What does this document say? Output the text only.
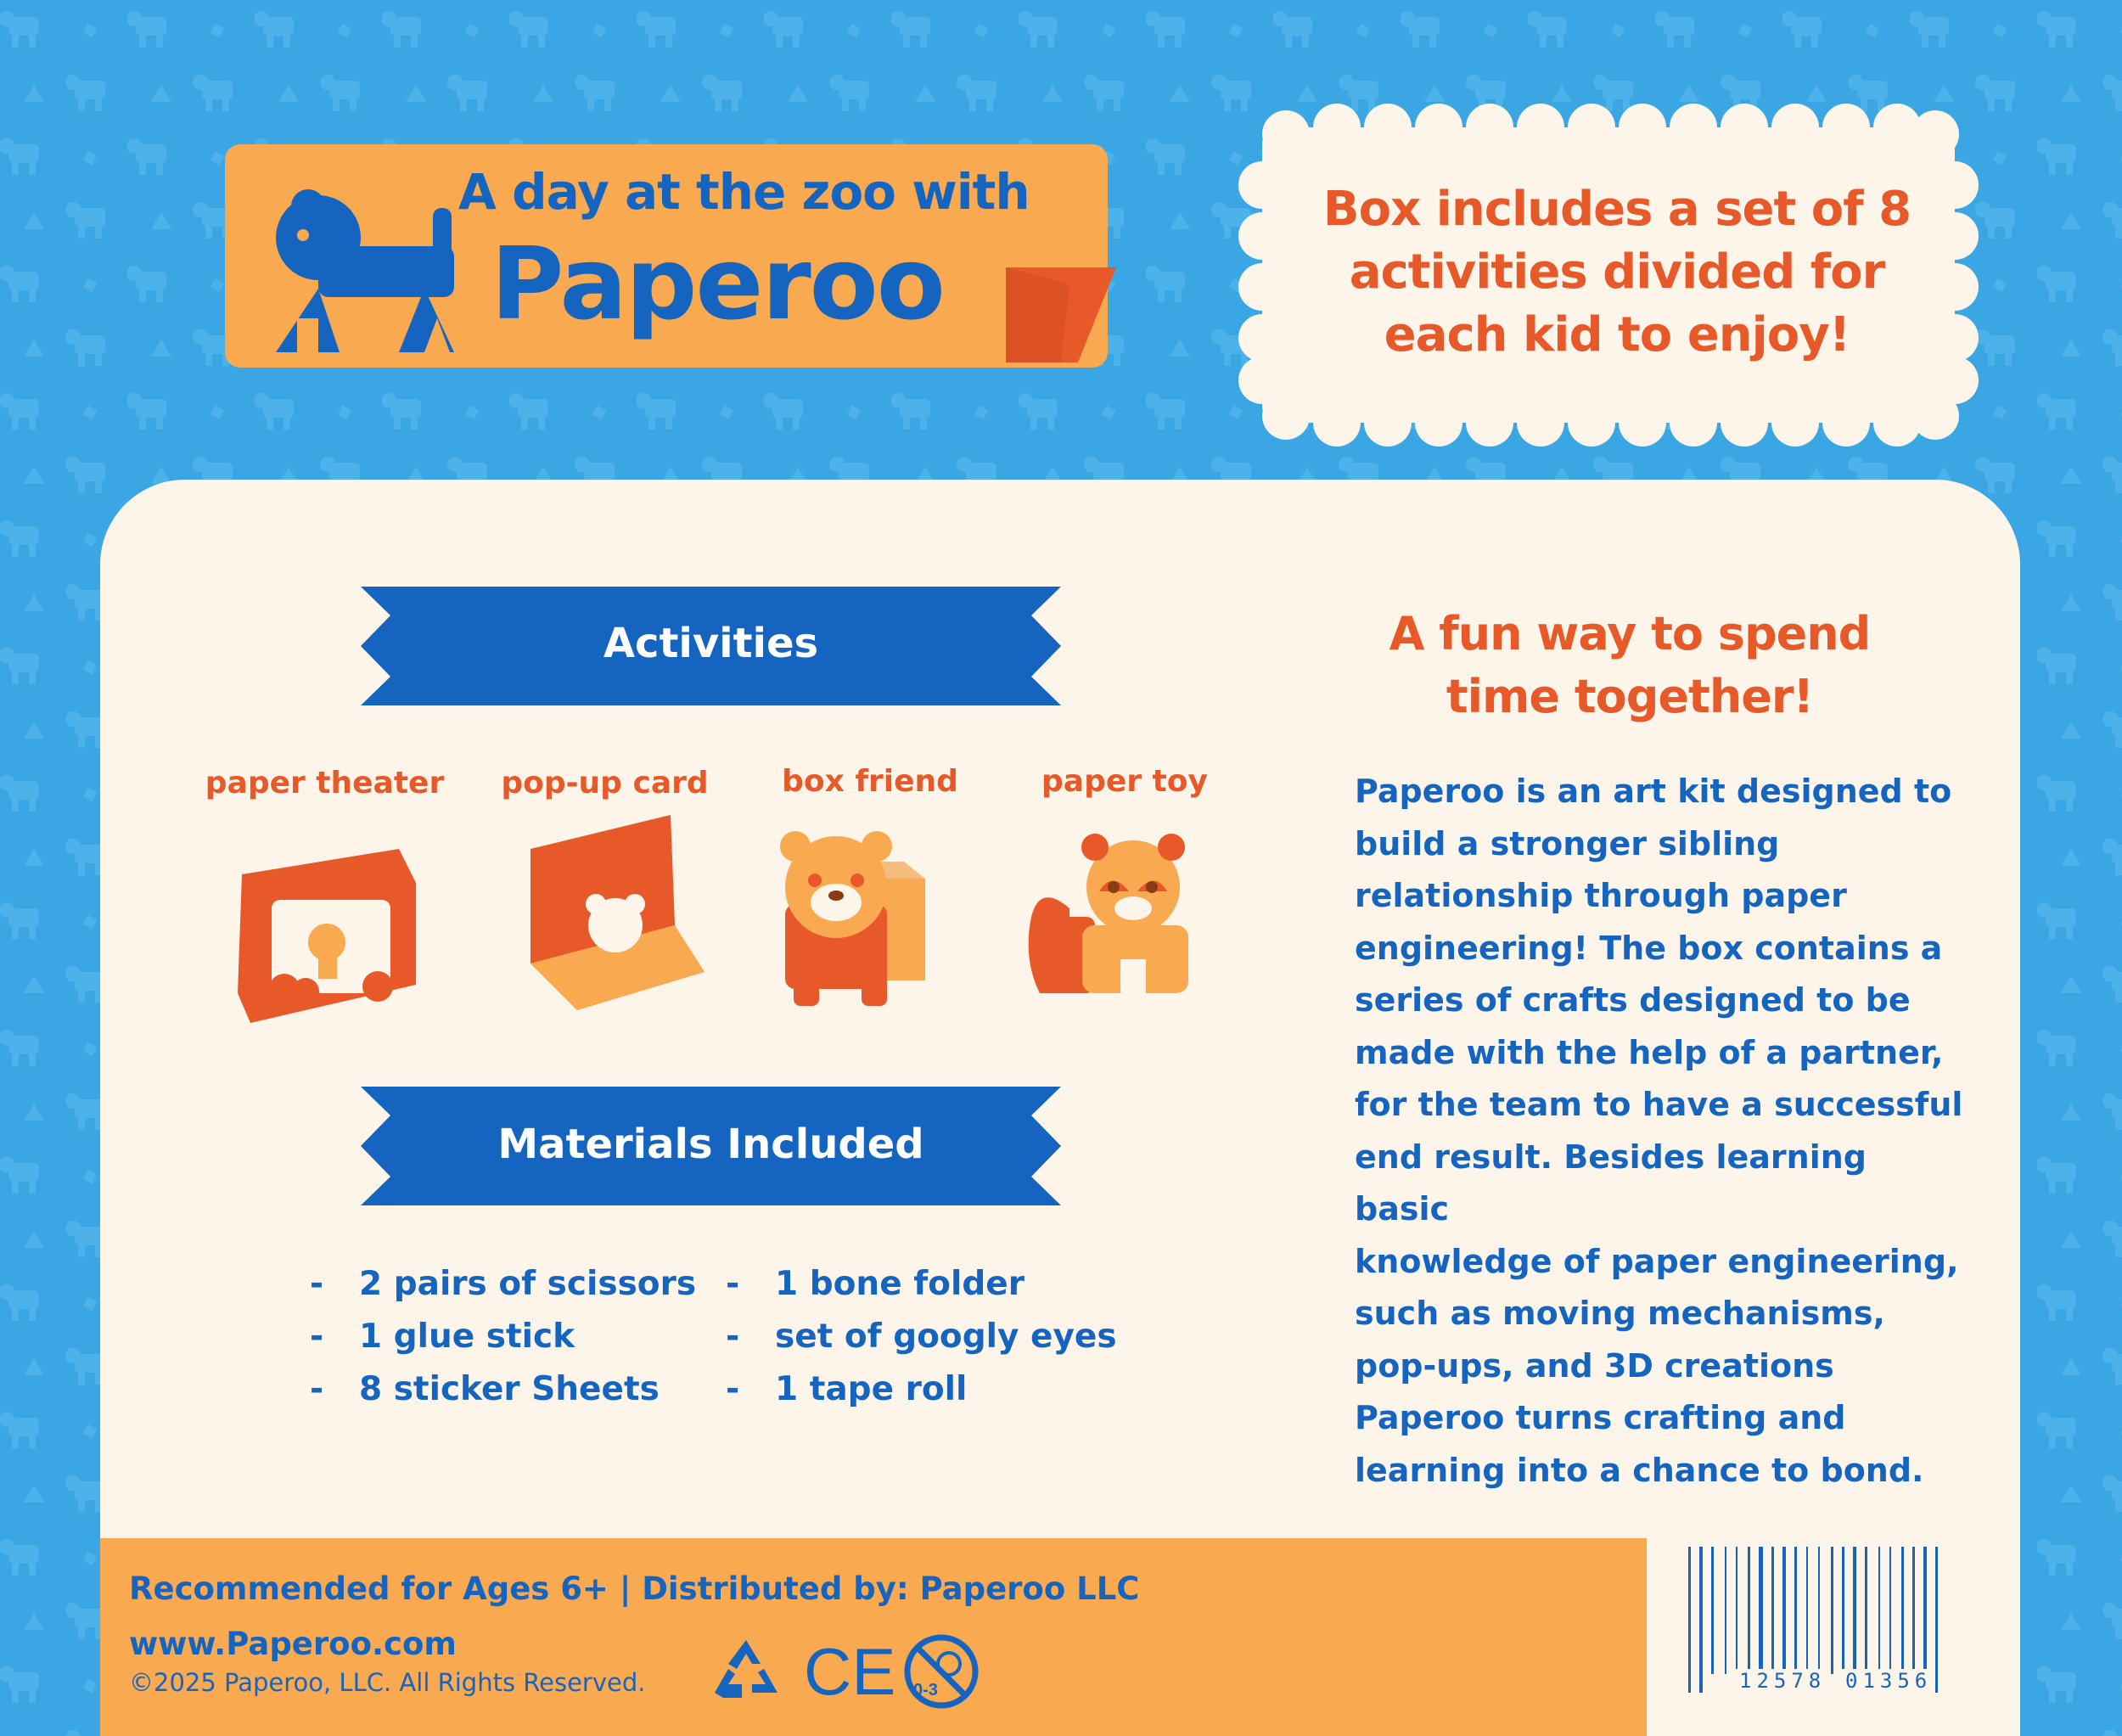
A day at the zoo with
Paperoo
Box includes a set of 8
activities divided for
each kid to enjoy!
Activities
paper theater	pop-up card	box friend	paper toy
Materials Included
- 2 pairs of scissors
- 1 glue stick
- 8 sticker Sheets
- 1 bone folder
- set of googly eyes
- 1 tape roll
A fun way to spend
time together!
Paperoo is an art kit designed to
build a stronger sibling
relationship through paper
engineering! The box contains a
series of crafts designed to be
made with the help of a partner,
for the team to have a successful
end result. Besides learning basic
knowledge of paper engineering,
such as moving mechanisms,
pop-ups, and 3D creations
Paperoo turns crafting and
learning into a chance to bond.
Recommended for Ages 6+ | Distributed by: Paperoo LLC
www.Paperoo.com
©2025 Paperoo, LLC. All Rights Reserved. CE 0-3	12578 01356
